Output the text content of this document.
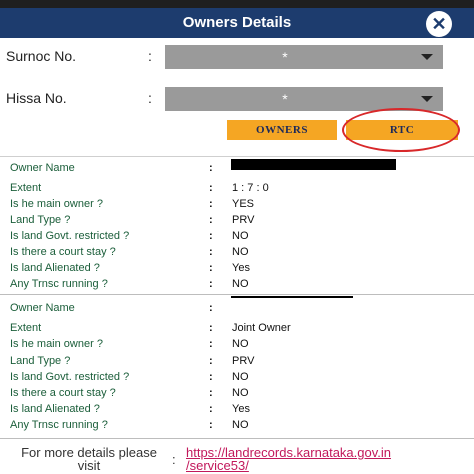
Owners Details	✕
Surnoc No.	:	*
Hissa No.	:	*
OWNERS	RTC
Owner Name	:
Extent	: 1 : 7 : 0
Is he main owner ?	: YES
Land Type ?	: PRV
Is land Govt. restricted ?	: NO
Is there a court stay ?	: NO
Is land Alienated ?	: Yes
Any Trnsc running ?	: NO
Owner Name	:
Extent	: Joint Owner
Is he main owner ?	: NO
Land Type ?	: PRV
Is land Govt. restricted ?	: NO
Is there a court stay ?	: NO
Is land Alienated ?	: Yes
Any Trnsc running ?	: NO
For more details please
visit	: https://landrecords.karnataka.gov.in
/service53/
